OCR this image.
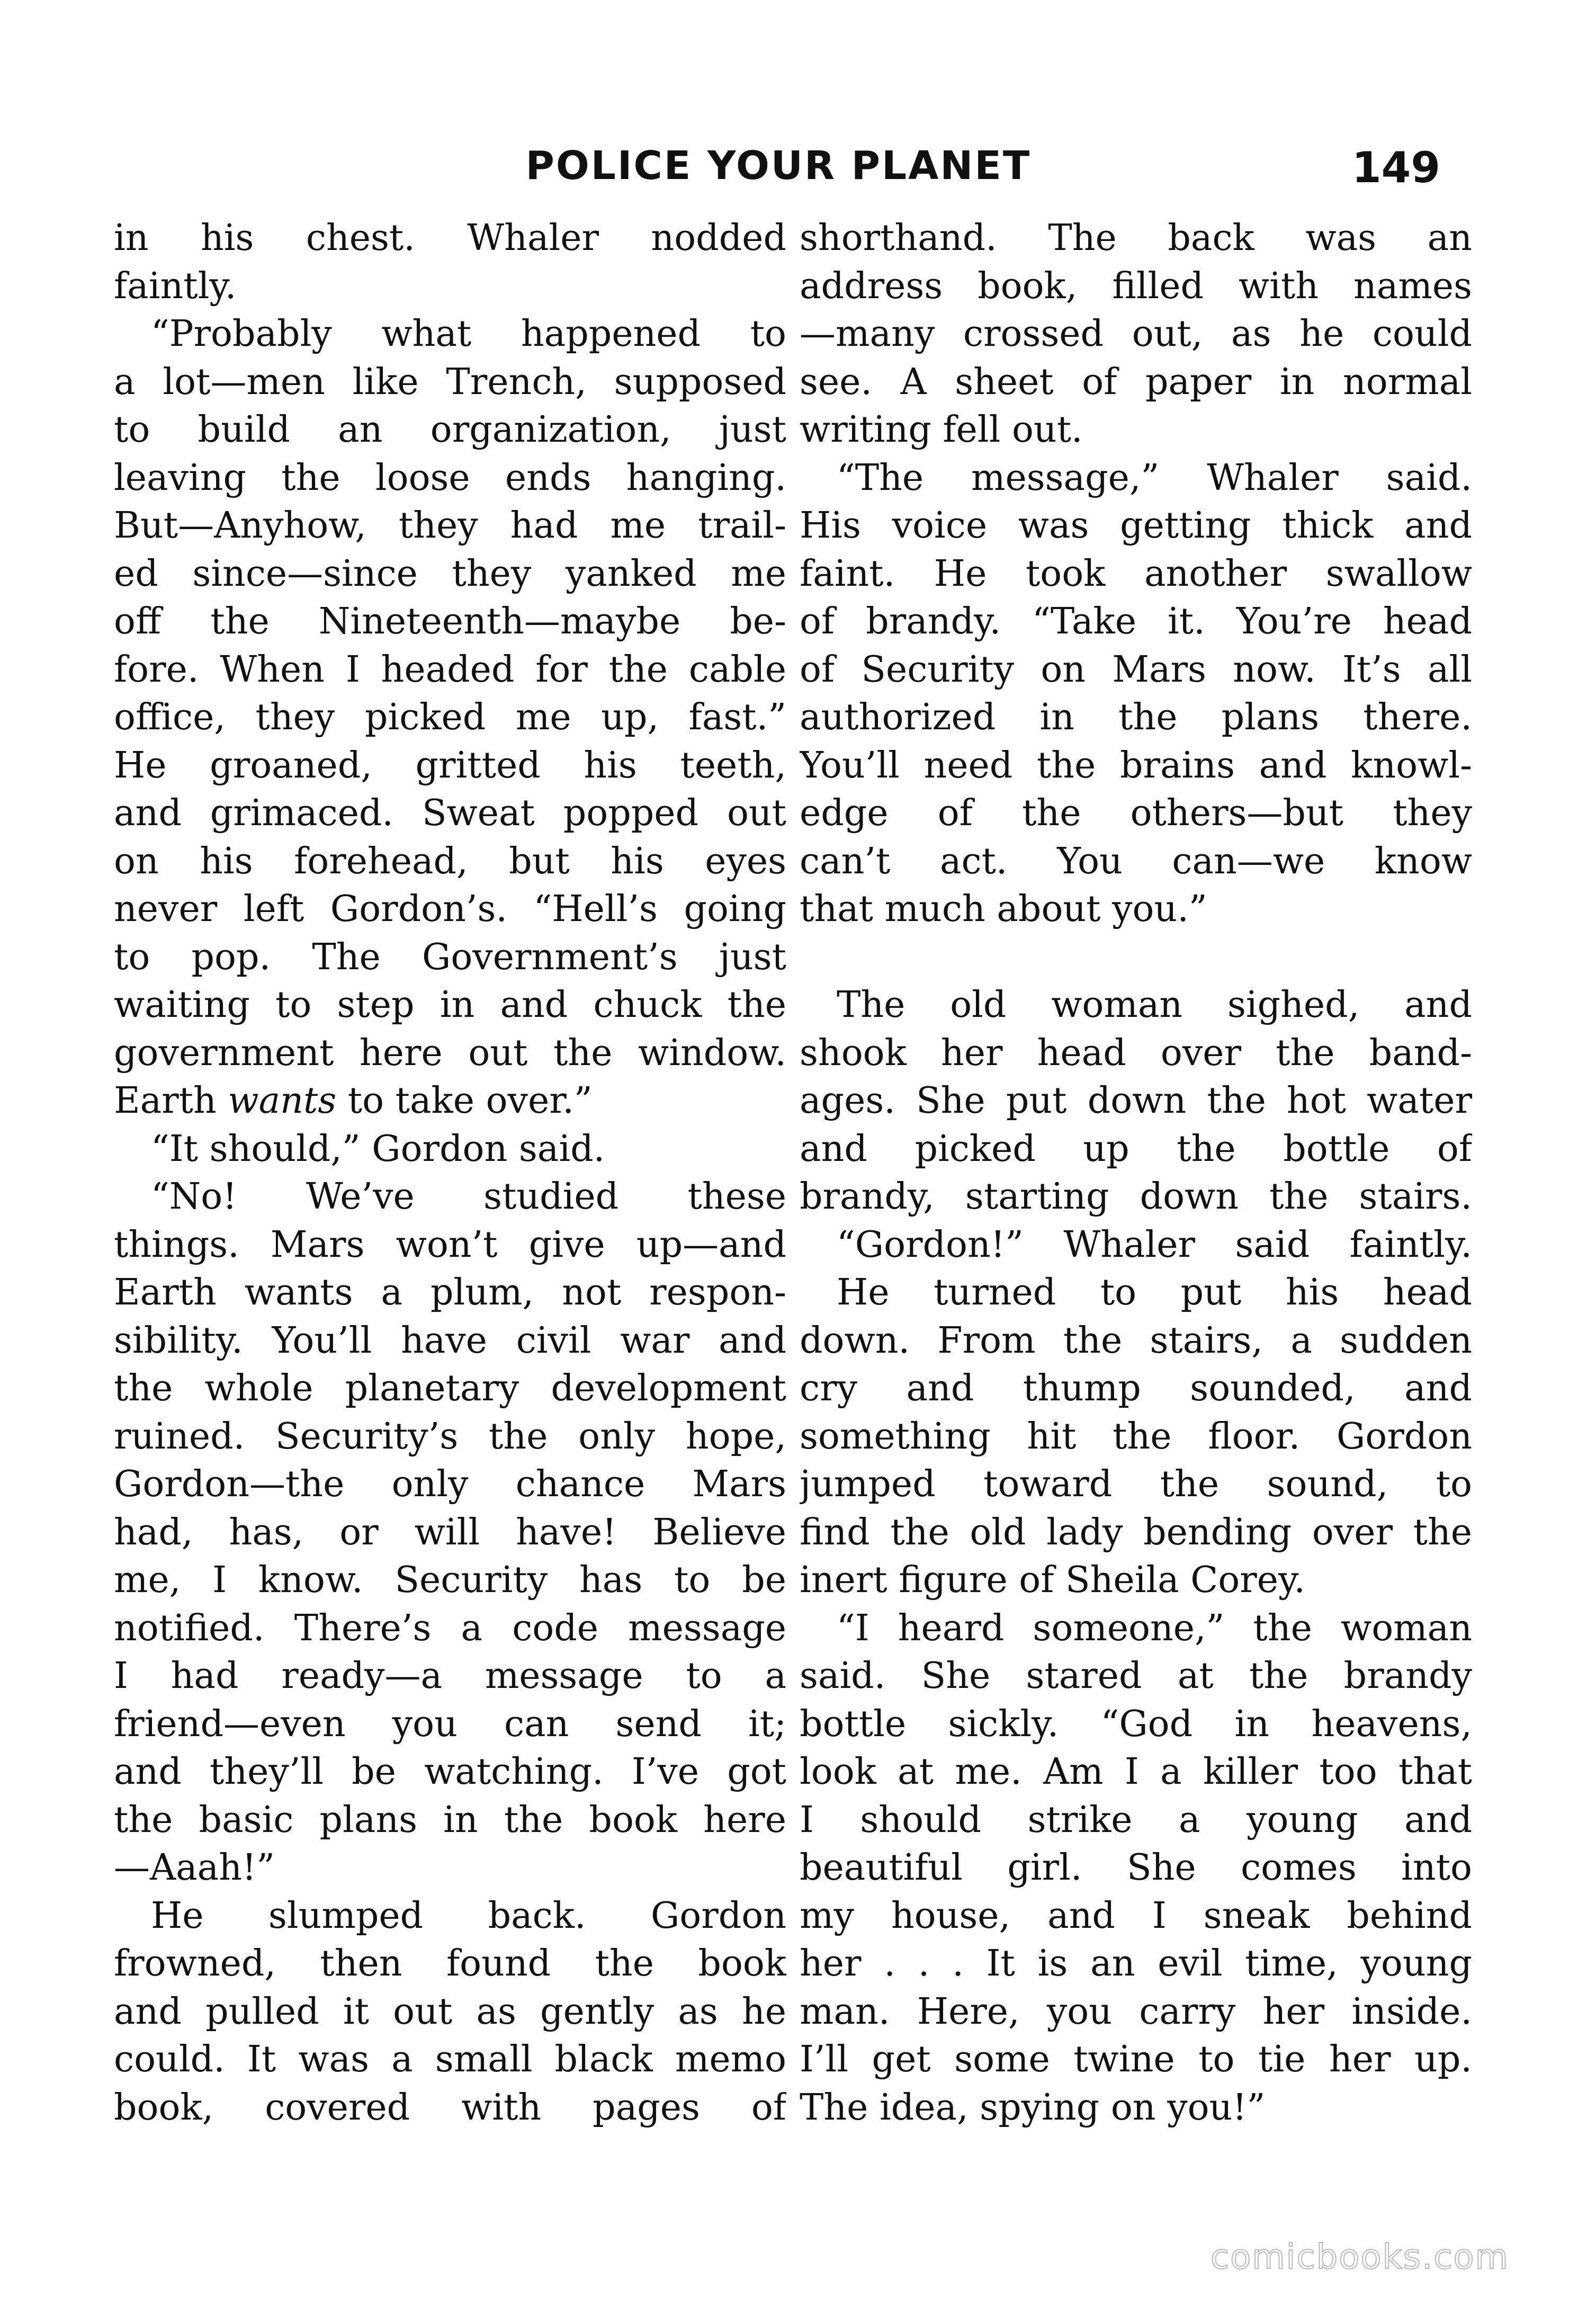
POLICE YOUR PLANET	149
in his chest. Whaler nodded
faintly.
“Probably what happened to
a lot—men like Trench, supposed
to build an organization, just
leaving the loose ends hanging.
But—Anyhow, they had me trail-
ed since—since they yanked me
off the Nineteenth—maybe be-
fore. When I headed for the cable
office, they picked me up, fast.”
He groaned, gritted his teeth,
and grimaced. Sweat popped out
on his forehead, but his eyes
never left Gordon’s. “Hell’s going
to pop. The Government’s just
waiting to step in and chuck the
government here out the window.
Earth wants to take over.”
“It should,” Gordon said.
“No! We’ve studied these
things. Mars won’t give up—and
Earth wants a plum, not respon-
sibility. You’ll have civil war and
the whole planetary development
ruined. Security’s the only hope,
Gordon—the only chance Mars
had, has, or will have! Believe
me, I know. Security has to be
notified. There’s a code message
I had ready—a message to a
friend—even you can send it;
and they’ll be watching. I’ve got
the basic plans in the book here
—Aaah!”
He slumped back. Gordon
frowned, then found the book
and pulled it out as gently as he
could. It was a small black memo
book, covered with pages of
shorthand. The back was an
address book, filled with names
—many crossed out, as he could
see. A sheet of paper in normal
writing fell out.
“The message,” Whaler said.
His voice was getting thick and
faint. He took another swallow
of brandy. “Take it. You’re head
of Security on Mars now. It’s all
authorized in the plans there.
You’ll need the brains and knowl-
edge of the others—but they
can’t act. You can—we know
that much about you.”
The old woman sighed, and
shook her head over the band-
ages. She put down the hot water
and picked up the bottle of
brandy, starting down the stairs.
“Gordon!” Whaler said faintly.
He turned to put his head
down. From the stairs, a sudden
cry and thump sounded, and
something hit the floor. Gordon
jumped toward the sound, to
find the old lady bending over the
inert figure of Sheila Corey.
“I heard someone,” the woman
said. She stared at the brandy
bottle sickly. “God in heavens,
look at me. Am I a killer too that
I should strike a young and
beautiful girl. She comes into
my house, and I sneak behind
her . . . It is an evil time, young
man. Here, you carry her inside.
I’ll get some twine to tie her up.
The idea, spying on you!”
comicbooks.com
